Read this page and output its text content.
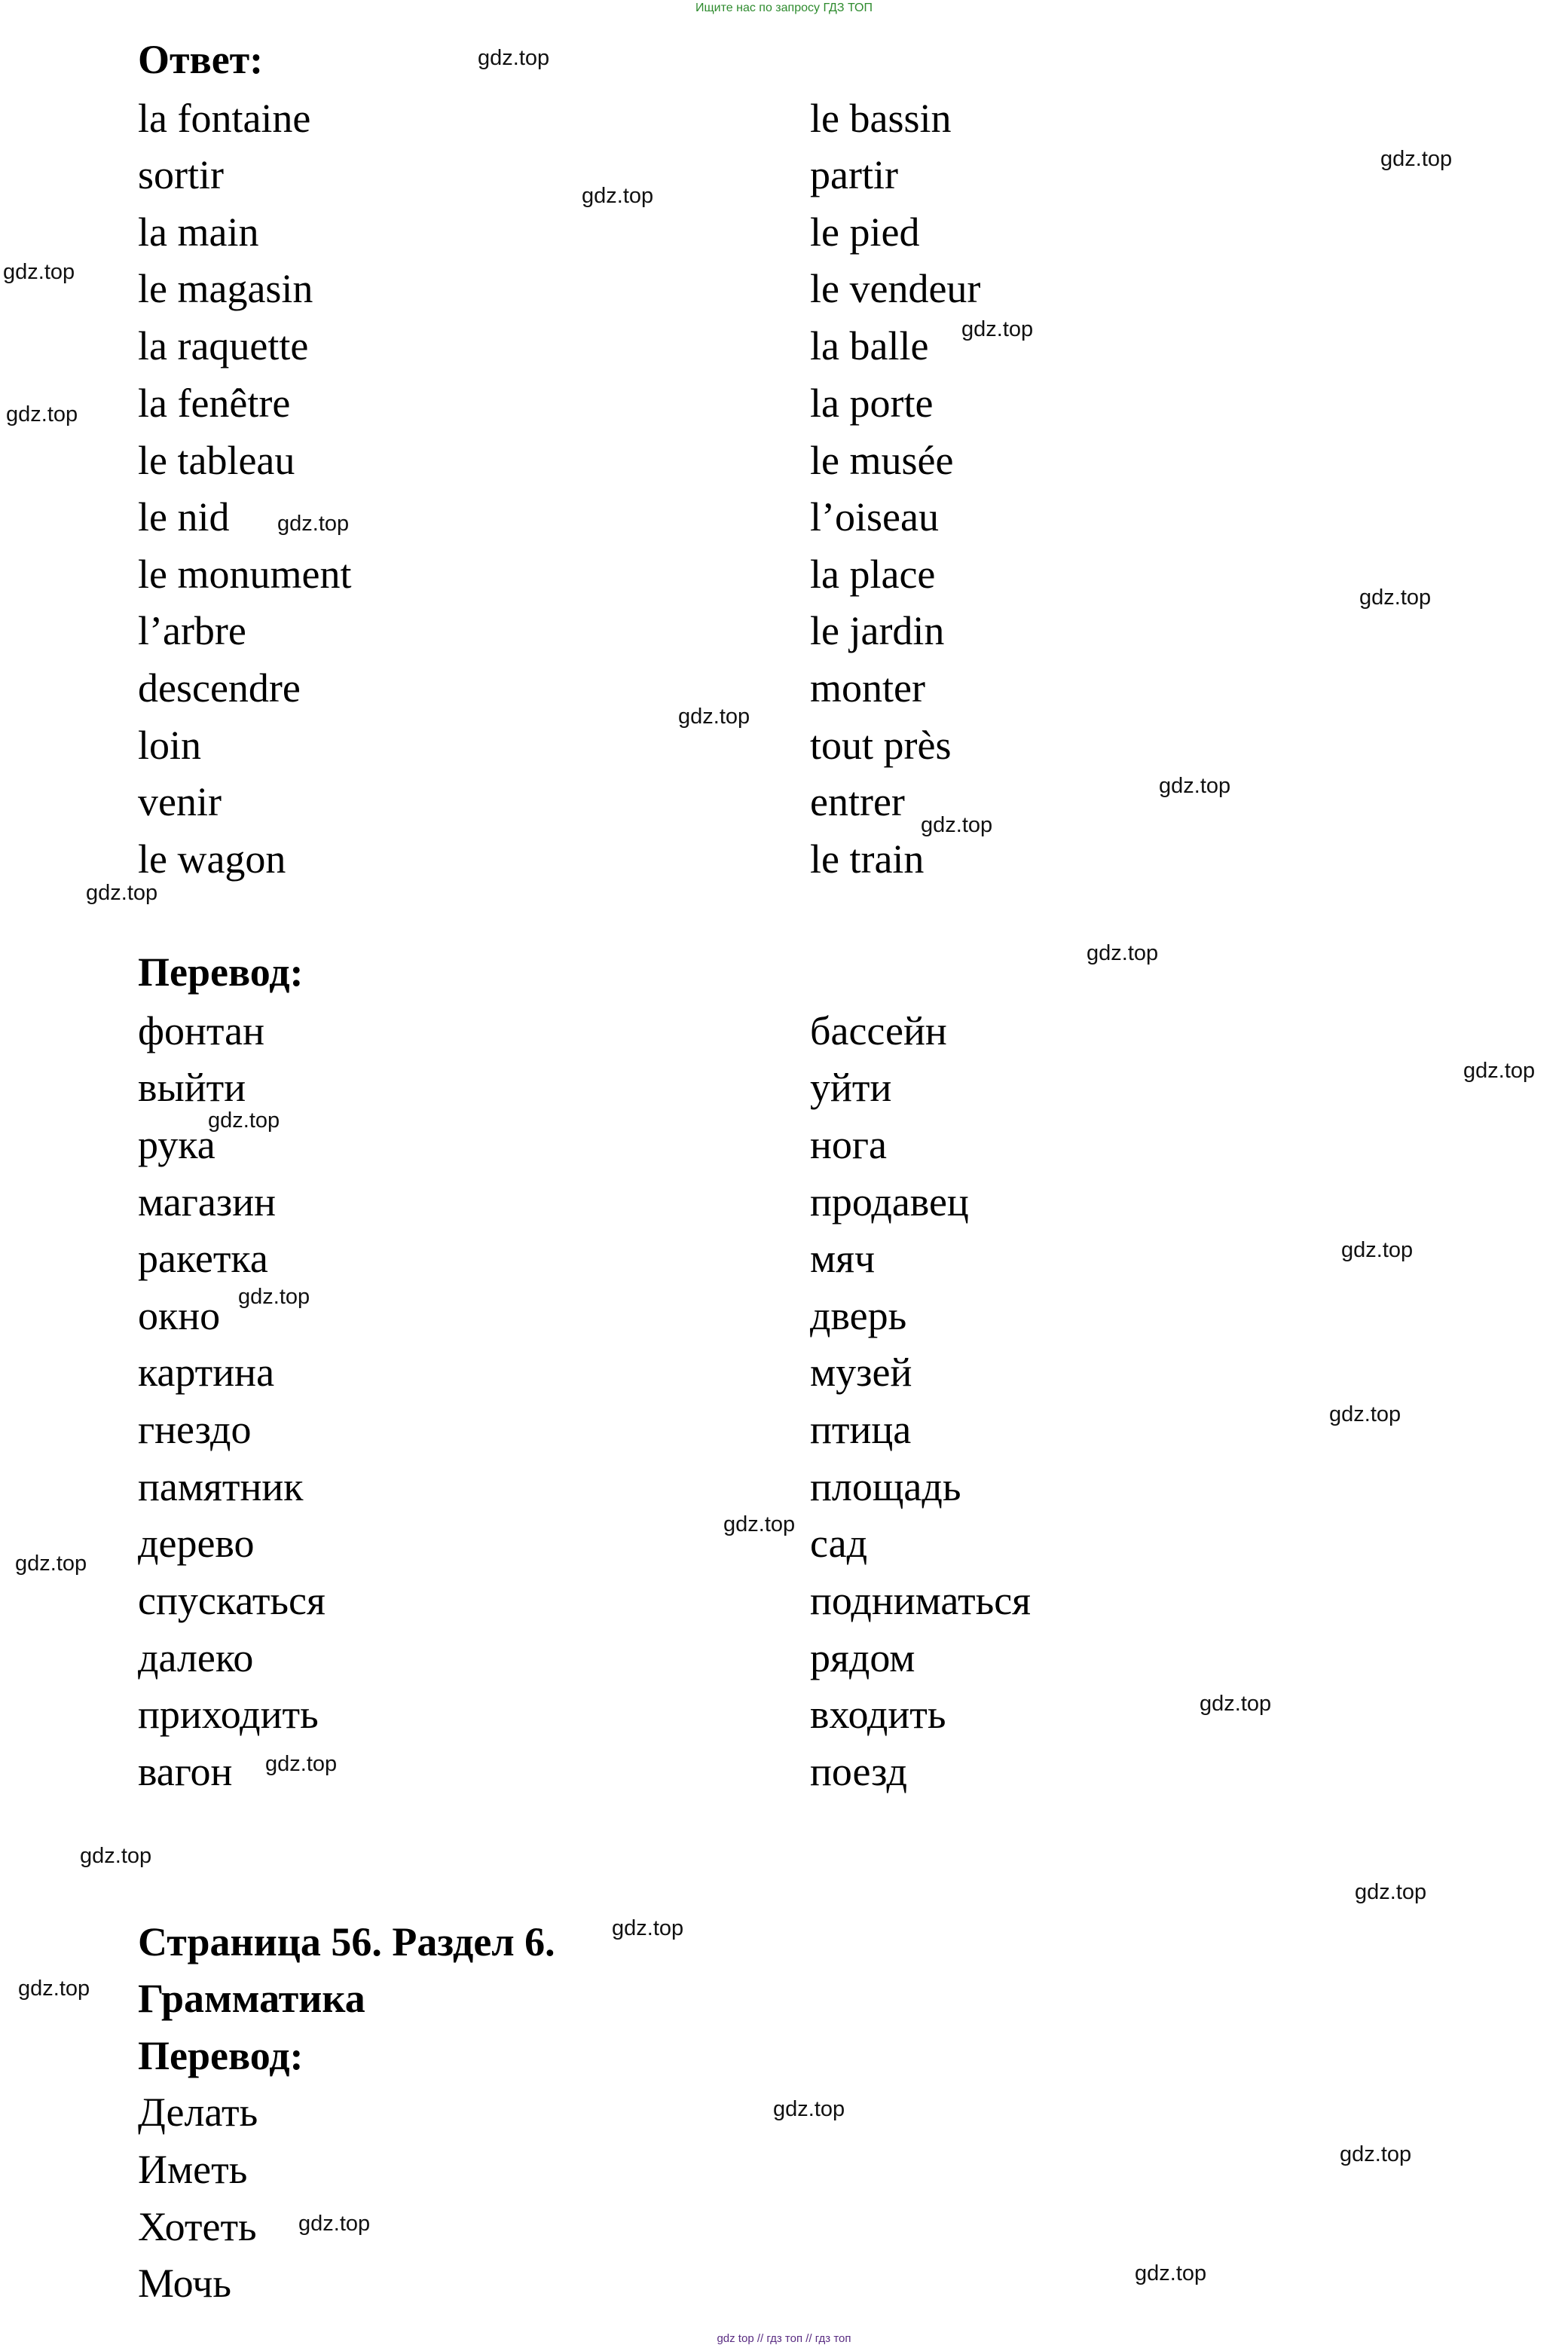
Ищите нас по запросу ГДЗ ТОП
Ответ:
la fontaine
sortir
la main
le magasin
la raquette
la fenêtre
le tableau
le nid
le monument
l’arbre
descendre
loin
venir
le wagon
le bassin
partir
le pied
le vendeur
la balle
la porte
le musée
l’oiseau
la place
le jardin
monter
tout près
entrer
le train
Перевод:
фонтан
выйти
рука
магазин
ракетка
окно
картина
гнездо
памятник
дерево
спускаться
далеко
приходить
вагон
бассейн
уйти
нога
продавец
мяч
дверь
музей
птица
площадь
сад
подниматься
рядом
входить
поезд
Страница 56. Раздел 6.
Грамматика
Перевод:
Делать
Иметь
Хотеть
Мочь
gdz.top
gdz.top
gdz.top
gdz.top
gdz.top
gdz.top
gdz.top
gdz.top
gdz.top
gdz.top
gdz.top
gdz.top
gdz.top
gdz.top
gdz.top
gdz.top
gdz.top
gdz.top
gdz.top
gdz.top
gdz.top
gdz.top
gdz.top
gdz.top
gdz.top
gdz.top
gdz.top
gdz.top
gdz.top
gdz.top
gdz top // гдз топ // гдз топ
